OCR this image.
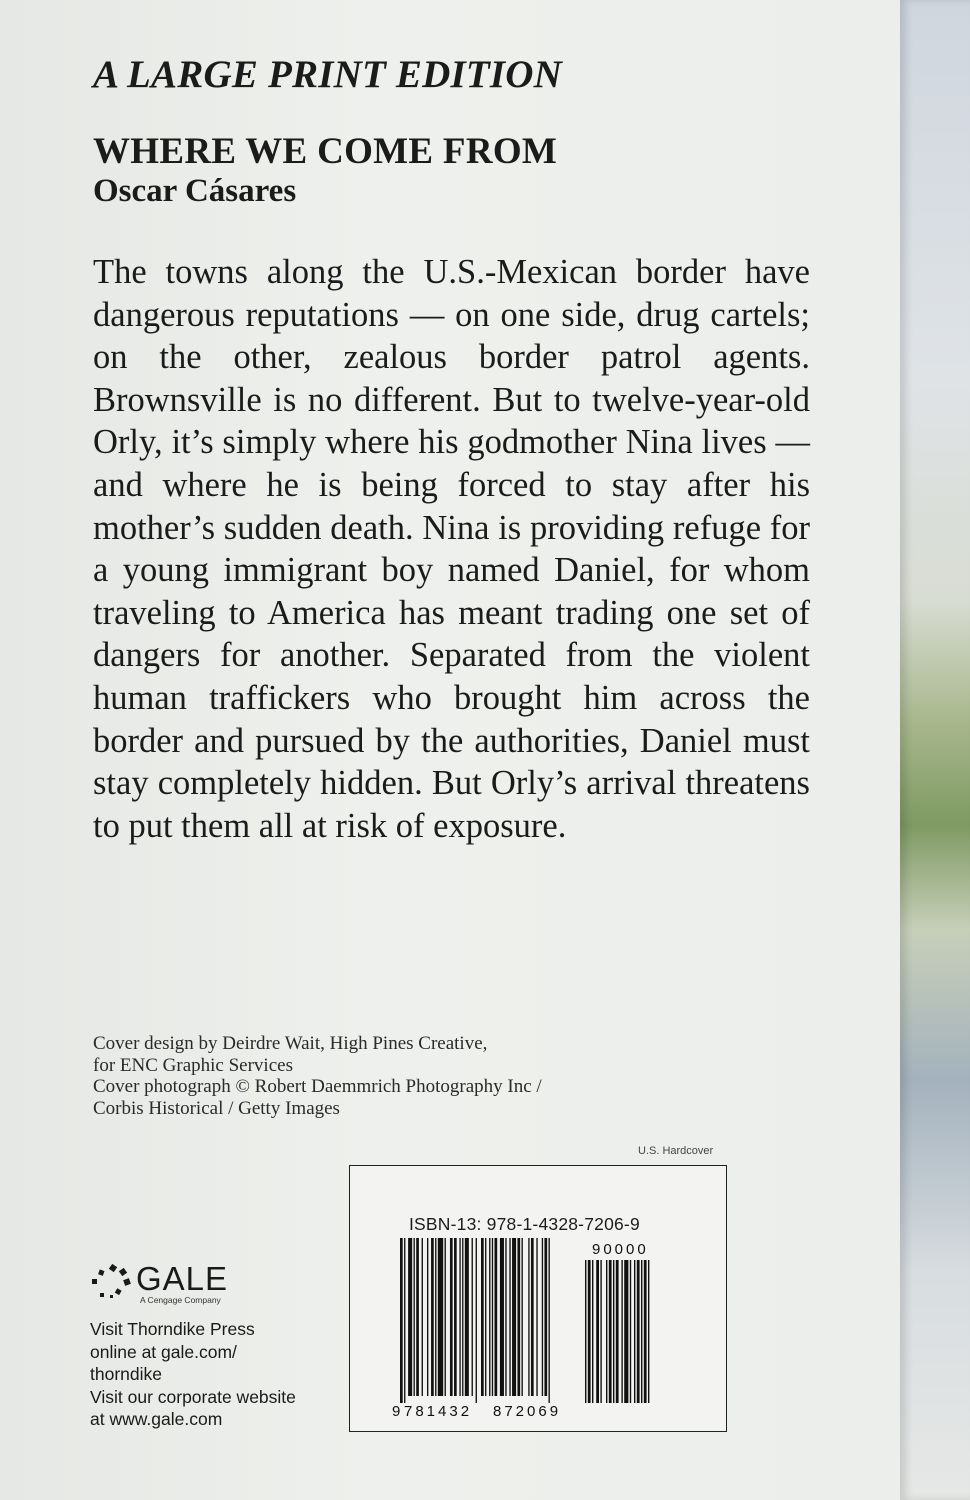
A LARGE PRINT EDITION
WHERE WE COME FROM
Oscar Cásares
The towns along the U.S.-Mexican border have dangerous reputations — on one side, drug cartels; on the other, zealous border patrol agents. Brownsville is no different. But to twelve-year-old Orly, it’s simply where his godmother Nina lives — and where he is being forced to stay after his mother’s sudden death. Nina is providing refuge for a young immigrant boy named Daniel, for whom traveling to America has meant trading one set of dangers for another. Separated from the violent human traffickers who brought him across the border and pursued by the authorities, Daniel must stay completely hidden. But Orly’s arrival threatens to put them all at risk of exposure.
Cover design by Deirdre Wait, High Pines Creative,
for ENC Graphic Services
Cover photograph © Robert Daemmrich Photography Inc /
Corbis Historical / Getty Images
U.S. Hardcover
ISBN-13: 978-1-4328-7206-9
9 781432 872069
90000
GALE
A Cengage Company

Visit Thorndike Press

online at gale.com/

thorndike

Visit our corporate website

at www.gale.com
